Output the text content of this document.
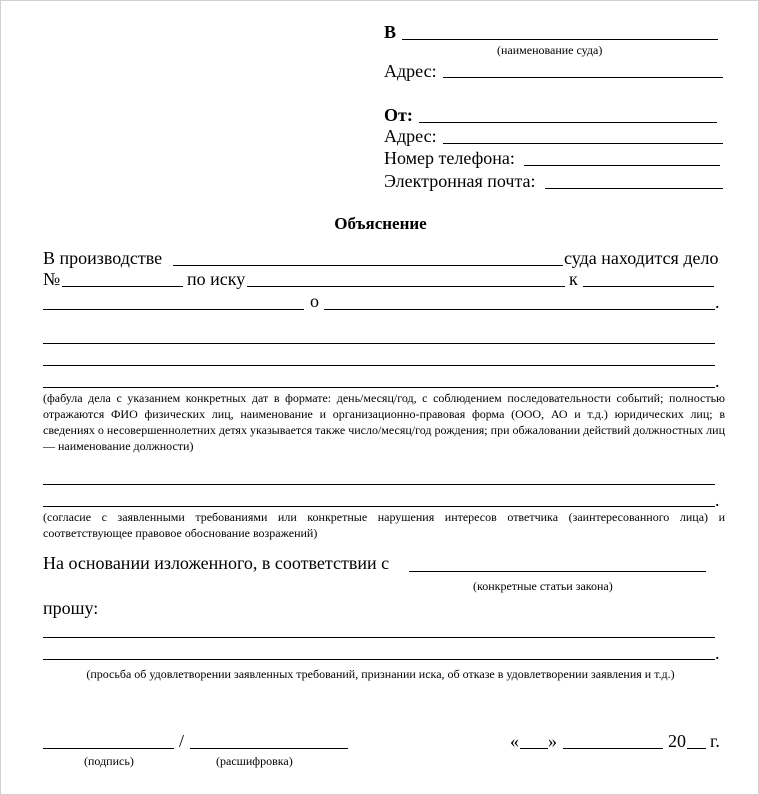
В
(наименование суда)
Адрес:
От:
Адрес:
Номер телефона:
Электронная почта:
Объяснение
В производстве	суда находится дело
№	по иску	к
о	.
.
(фабула дела с указанием конкретных дат в формате: день/месяц/год, с соблюдением последовательности событий; полностью отражаются ФИО физических лиц, наименование и организационно-правовая форма (ООО, АО и т.д.) юридических лиц; в сведениях о несовершеннолетних детях указывается также число/месяц/год рождения; при обжаловании действий должностных лиц — наименование должности)
.
(согласие с заявленными требованиями или конкретные нарушения интересов ответчика (заинтересованного лица) и соответствующее правовое обоснование возражений)
На основании изложенного, в соответствии с
(конкретные статьи закона)
прошу:
.
(просьба об удовлетворении заявленных требований, признании иска, об отказе в удовлетворении заявления и т.д.)
/
(подпись)	(расшифровка)
« »	20 г.
